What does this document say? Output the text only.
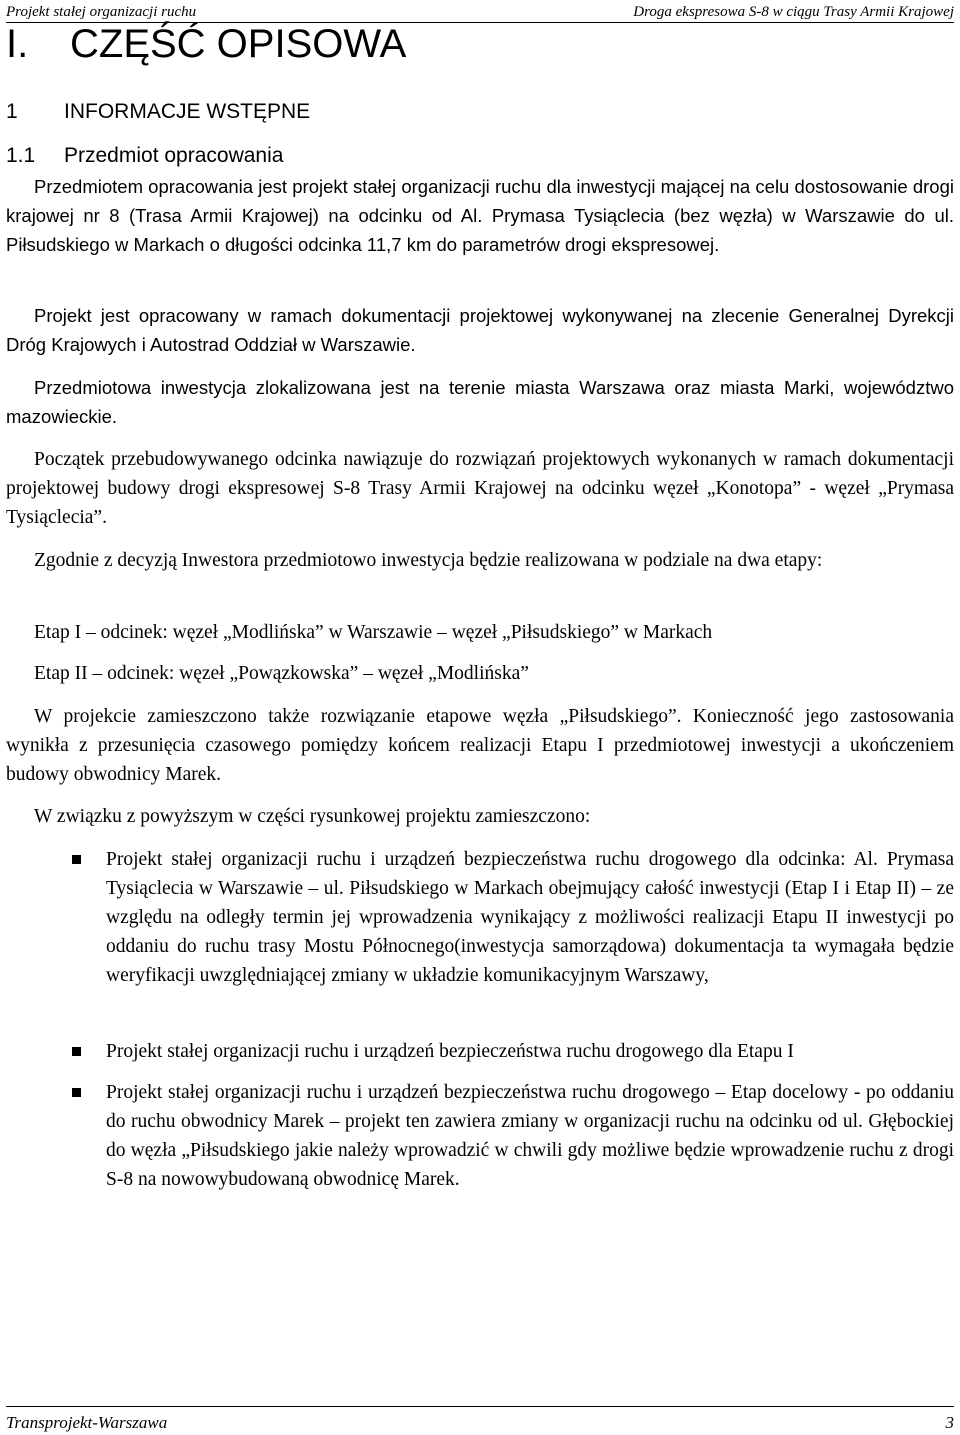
Projekt stałej organizacji ruchu	Droga ekspresowa S-8 w ciągu Trasy Armii Krajowej
I. CZĘŚĆ OPISOWA
1 INFORMACJE WSTĘPNE
1.1 Przedmiot opracowania

Przedmiotem opracowania jest projekt stałej organizacji ruchu dla inwestycji mającej na celu dostosowanie drogi krajowej nr 8 (Trasa Armii Krajowej) na odcinku od Al. Prymasa Tysiąclecia (bez węzła) w Warszawie do ul. Piłsudskiego w Markach o długości odcinka 11,7 km do parametrów drogi ekspresowej.

Projekt jest opracowany w ramach dokumentacji projektowej wykonywanej na zlecenie Generalnej Dyrekcji Dróg Krajowych i Autostrad Oddział w Warszawie.

Przedmiotowa inwestycja zlokalizowana jest na terenie miasta Warszawa oraz miasta Marki, województwo mazowieckie.

Początek przebudowywanego odcinka nawiązuje do rozwiązań projektowych wykonanych w ramach dokumentacji projektowej budowy drogi ekspresowej S-8 Trasy Armii Krajowej na odcinku węzeł „Konotopa” - węzeł „Prymasa Tysiąclecia”.

Zgodnie z decyzją Inwestora przedmiotowo inwestycja będzie realizowana w podziale na dwa etapy:

Etap I – odcinek: węzeł „Modlińska” w Warszawie – węzeł „Piłsudskiego” w Markach

Etap II – odcinek: węzeł „Powązkowska” – węzeł „Modlińska”

W projekcie zamieszczono także rozwiązanie etapowe węzła „Piłsudskiego”. Konieczność jego zastosowania wynikła z przesunięcia czasowego pomiędzy końcem realizacji Etapu I przedmiotowej inwestycji a ukończeniem budowy obwodnicy Marek.

W związku z powyższym w części rysunkowej projektu zamieszczono:

Projekt stałej organizacji ruchu i urządzeń bezpieczeństwa ruchu drogowego dla odcinka: Al. Prymasa Tysiąclecia w Warszawie – ul. Piłsudskiego w Markach obejmujący całość inwestycji (Etap I i Etap II) – ze względu na odległy termin jej wprowadzenia wynikający z możliwości realizacji Etapu II inwestycji po oddaniu do ruchu trasy Mostu Północnego(inwestycja samorządowa) dokumentacja ta wymagała będzie weryfikacji uwzględniającej zmiany w układzie komunikacyjnym Warszawy,
Projekt stałej organizacji ruchu i urządzeń bezpieczeństwa ruchu drogowego dla Etapu I
Projekt stałej organizacji ruchu i urządzeń bezpieczeństwa ruchu drogowego – Etap docelowy - po oddaniu do ruchu obwodnicy Marek – projekt ten zawiera zmiany w organizacji ruchu na odcinku od ul. Głębockiej do węzła „Piłsudskiego jakie należy wprowadzić w chwili gdy możliwe będzie wprowadzenie ruchu z drogi S-8 na nowowybudowaną obwodnicę Marek.
Transprojekt-Warszawa	3
